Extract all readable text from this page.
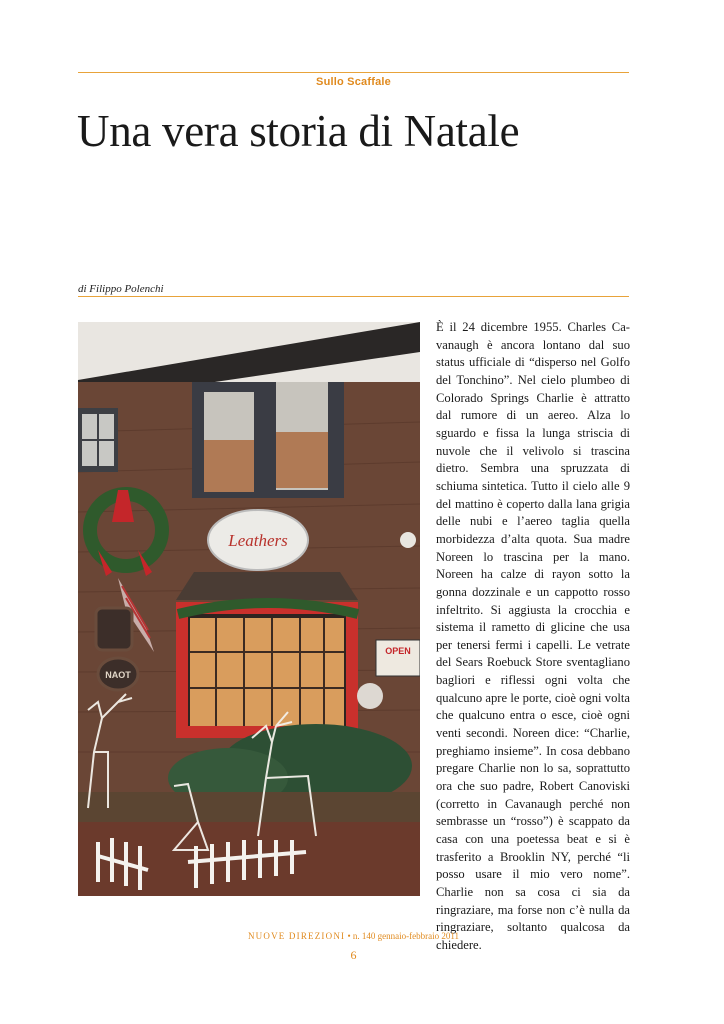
Sullo Scaffale
Una vera storia di Natale
di Filippo Polenchi
Leathers
NAOT
OPEN

È il 24 dicembre 1955. Charles Cavanaugh è ancora lontano dal suo status ufficiale di “disperso nel Golfo del Tonchino”. Nel cielo plumbeo di Colorado Springs Charlie è attratto dal rumore di un aereo. Alza lo sguardo e fissa la lunga striscia di nuvole che il velivolo si trascina dietro. Sembra una spruzzata di schiuma sintetica. Tutto il cielo alle 9 del mattino è coperto dalla lana grigia delle nubi e l’aereo taglia quella morbidezza d’alta quota. Sua madre Noreen lo trascina per la mano. Noreen ha calze di rayon sotto la gonna dozzinale e un cappotto rosso infeltrito. Si aggiusta la crocchia e sistema il rametto di glicine che usa per tenersi fermi i capelli. Le vetrate del Sears Roebuck Store sventagliano bagliori e riflessi ogni volta che qualcuno apre le porte, cioè ogni volta che qualcuno entra o esce, cioè ogni venti secondi. Noreen dice: “Charlie, preghiamo insieme”. In cosa debbano pregare Charlie non lo sa, soprattutto ora che suo padre, Robert Canoviski (corretto in Cavanaugh perché non sembrasse un “rosso”) è scappato da casa con una poetessa beat e si è trasferito a Brooklin NY, perché “li posso usare il mio vero nome”. Charlie non sa cosa ci sia da ringraziare, ma forse non c’è nulla da ringraziare, soltanto qualcosa da chiedere.

NUOVE DIREZIONI • n. 140 gennaio-febbraio 2011
6
